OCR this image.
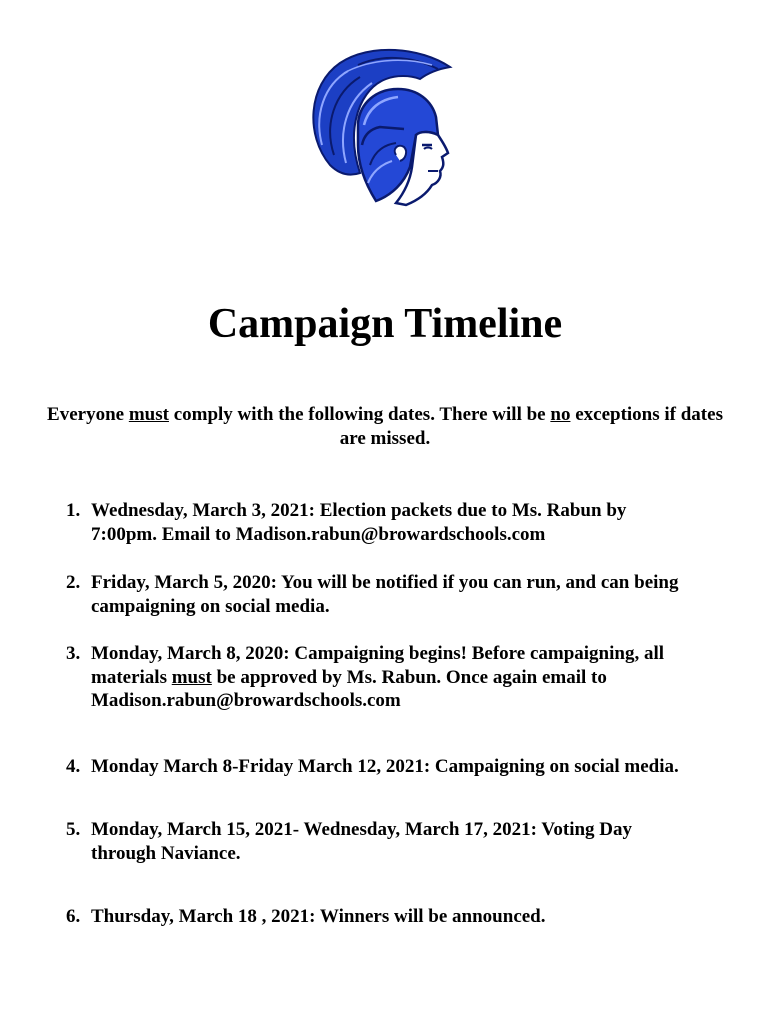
Campaign Timeline

Everyone must comply with the following dates. There will be no exceptions if dates are missed.

1. Wednesday, March 3, 2021: Election packets due to Ms. Rabun by
7:00pm. Email to Madison.rabun@browardschools.com
2. Friday, March 5, 2020: You will be notified if you can run, and can being
campaigning on social media.
3. Monday, March 8, 2020: Campaigning begins! Before campaigning, all
materials must be approved by Ms. Rabun. Once again email to
Madison.rabun@browardschools.com
4. Monday March 8-Friday March 12, 2021: Campaigning on social media.
5. Monday, March 15, 2021- Wednesday, March 17, 2021: Voting Day
through Naviance.
6. Thursday, March 18 , 2021: Winners will be announced.
